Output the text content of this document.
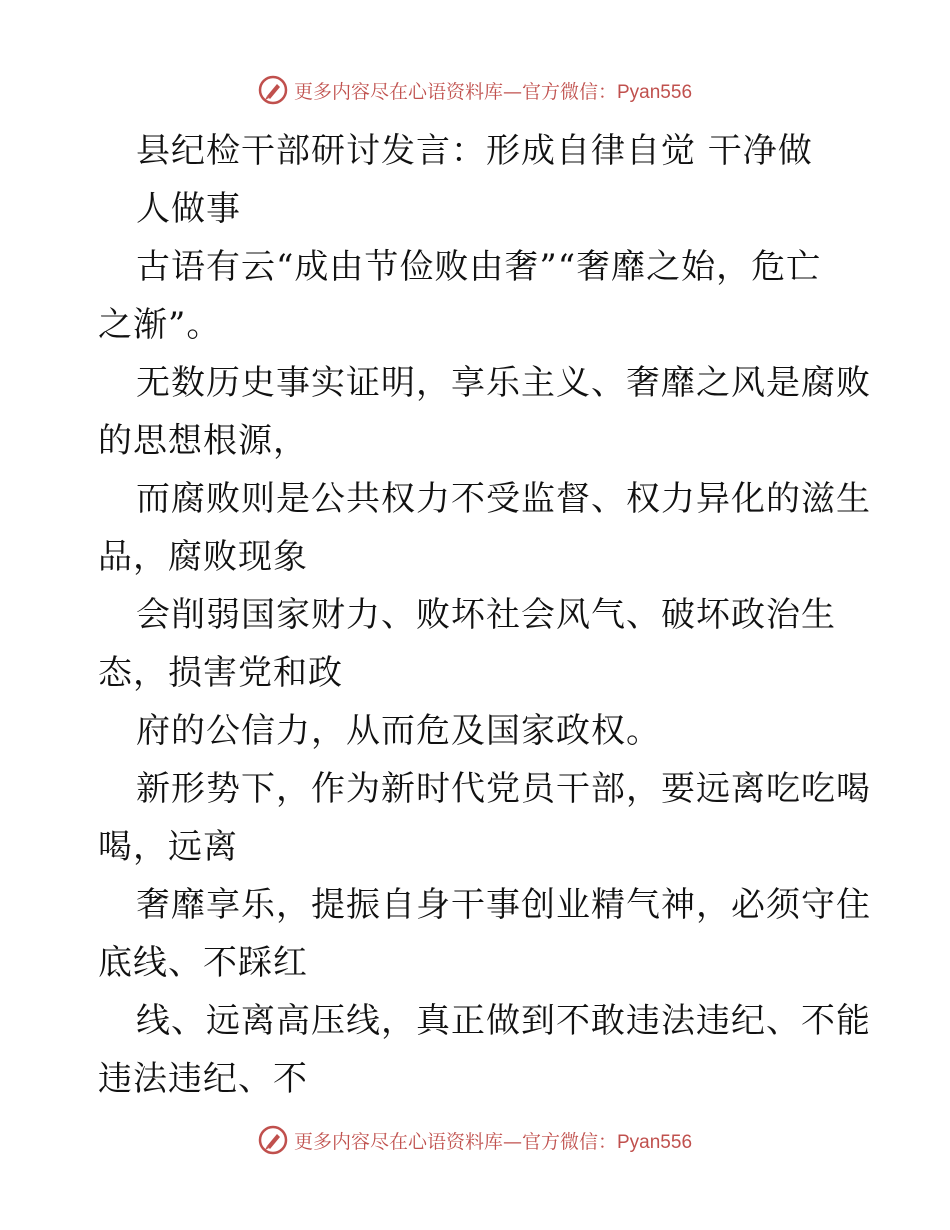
更多内容尽在心语资料库—官方微信：Pyan556
县纪检干部研讨发言：形成自律自觉 干净做
人做事
古语有云“成由节俭败由奢”“奢靡之始，危亡
之渐”。
无数历史事实证明，享乐主义、奢靡之风是腐败
的思想根源，
而腐败则是公共权力不受监督、权力异化的滋生
品，腐败现象
会削弱国家财力、败坏社会风气、破坏政治生
态，损害党和政
府的公信力，从而危及国家政权。
新形势下，作为新时代党员干部，要远离吃吃喝
喝，远离
奢靡享乐，提振自身干事创业精气神，必须守住
底线、不踩红
线、远离高压线，真正做到不敢违法违纪、不能
违法违纪、不
更多内容尽在心语资料库—官方微信：Pyan556
